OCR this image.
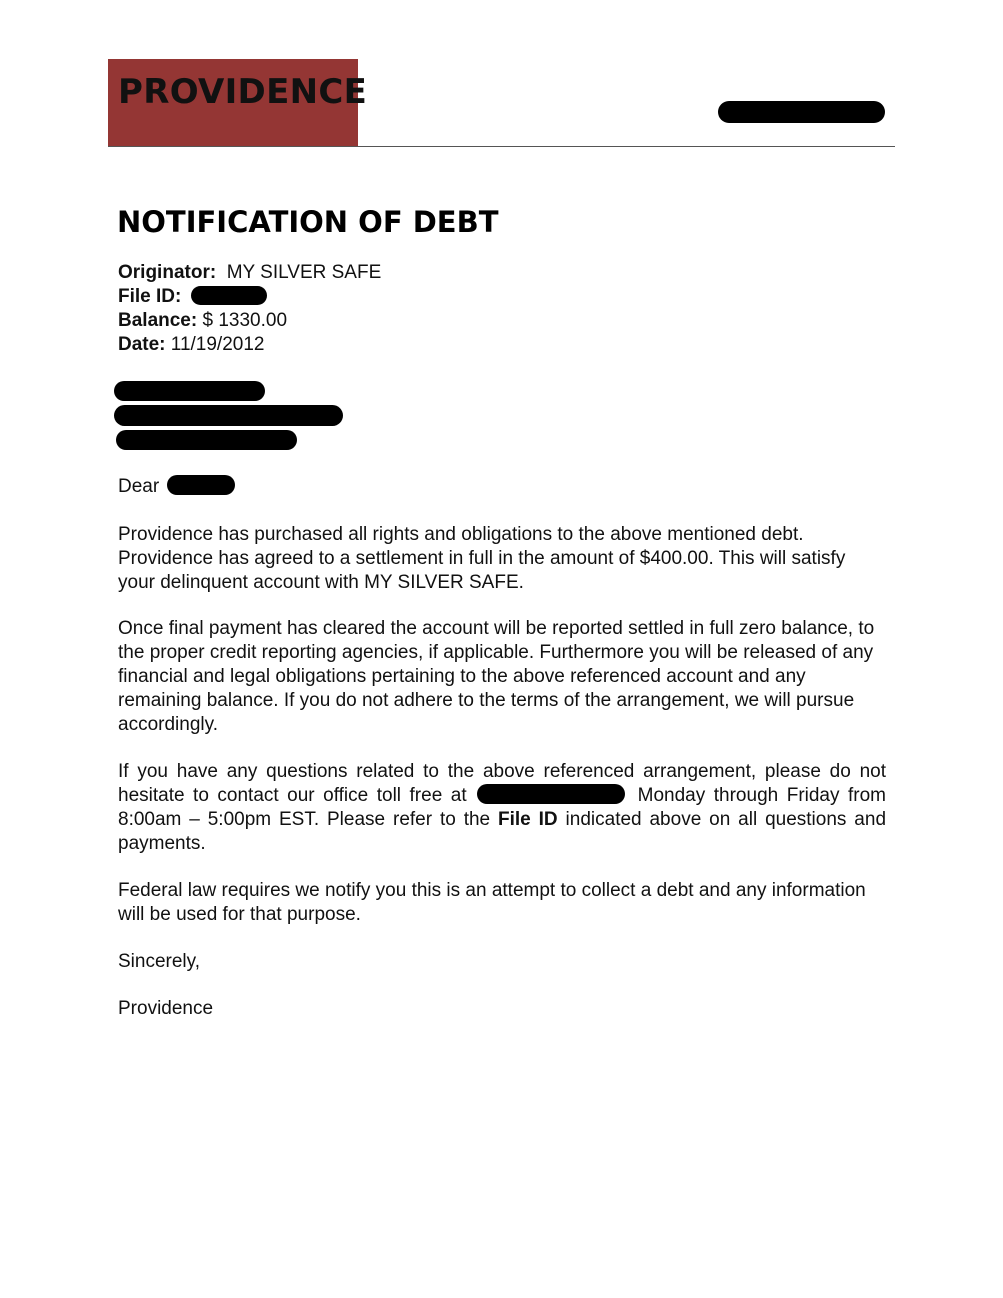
PROVIDENCE
NOTIFICATION OF DEBT
Originator: MY SILVER SAFE
File ID:
Balance: $ 1330.00
Date: 11/19/2012
Dear

Providence has purchased all rights and obligations to the above mentioned debt. Providence has agreed to a settlement in full in the amount of $400.00. This will satisfy your delinquent account with MY SILVER SAFE.

Once final payment has cleared the account will be reported settled in full zero balance, to the proper credit reporting agencies, if applicable. Furthermore you will be released of any financial and legal obligations pertaining to the above referenced account and any remaining balance. If you do not adhere to the terms of the arrangement, we will pursue accordingly.

If you have any questions related to the above referenced arrangement, please do not hesitate to contact our office toll free at	Monday through Friday from 8:00am – 5:00pm EST. Please refer to the File ID indicated above on all questions and payments.

Federal law requires we notify you this is an attempt to collect a debt and any information will be used for that purpose.

Sincerely,

Providence
